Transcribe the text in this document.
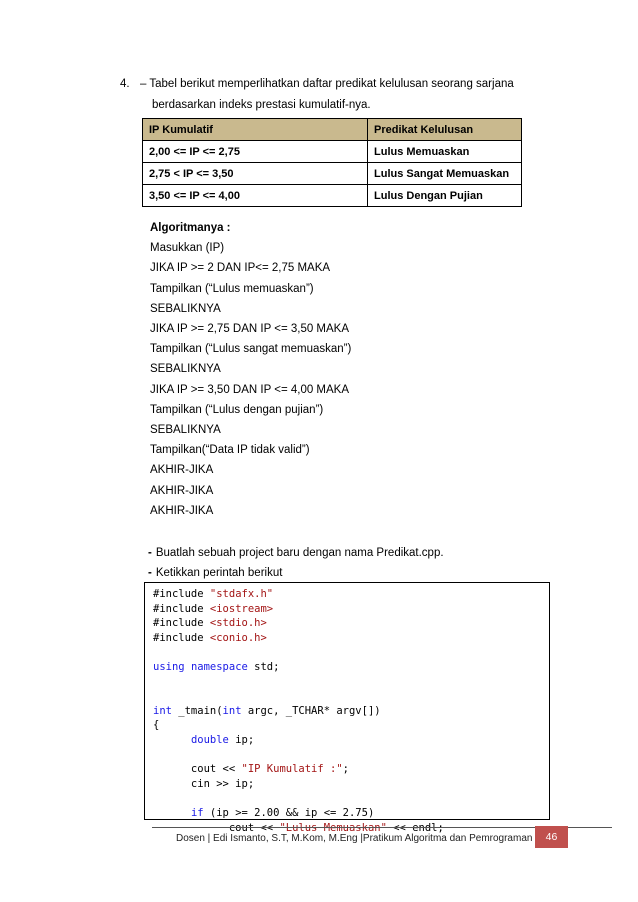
4. – Tabel berikut memperlihatkan daftar predikat kelulusan seorang sarjana
berdasarkan indeks prestasi kumulatif-nya.
IP Kumulatif	Predikat Kelulusan
2,00 <= IP <= 2,75	Lulus Memuaskan
2,75 < IP <= 3,50	Lulus Sangat Memuaskan
3,50 <= IP <= 4,00	Lulus Dengan Pujian
Algoritmanya :
Masukkan (IP)
JIKA IP >= 2 DAN IP<= 2,75 MAKA
Tampilkan (“Lulus memuaskan”)
SEBALIKNYA
JIKA IP >= 2,75 DAN IP <= 3,50 MAKA
Tampilkan (“Lulus sangat memuaskan”)
SEBALIKNYA
JIKA IP >= 3,50 DAN IP <= 4,00 MAKA
Tampilkan (“Lulus dengan pujian”)
SEBALIKNYA
Tampilkan(“Data IP tidak valid”)
AKHIR-JIKA
AKHIR-JIKA
AKHIR-JIKA
- Buatlah sebuah project baru dengan nama Predikat.cpp.
- Ketikkan perintah berikut
#include "stdafx.h"
#include <iostream>
#include <stdio.h>
#include <conio.h>

using namespace std;

int _tmain(int argc, _TCHAR* argv[])
{
double ip;

cout << "IP Kumulatif :";
cin >> ip;

if (ip >= 2.00 && ip <= 2.75)
cout << "Lulus Memuaskan" << endl;

Dosen | Edi Ismanto, S.T, M.Kom, M.Eng |Pratikum Algoritma dan Pemrograman	46
